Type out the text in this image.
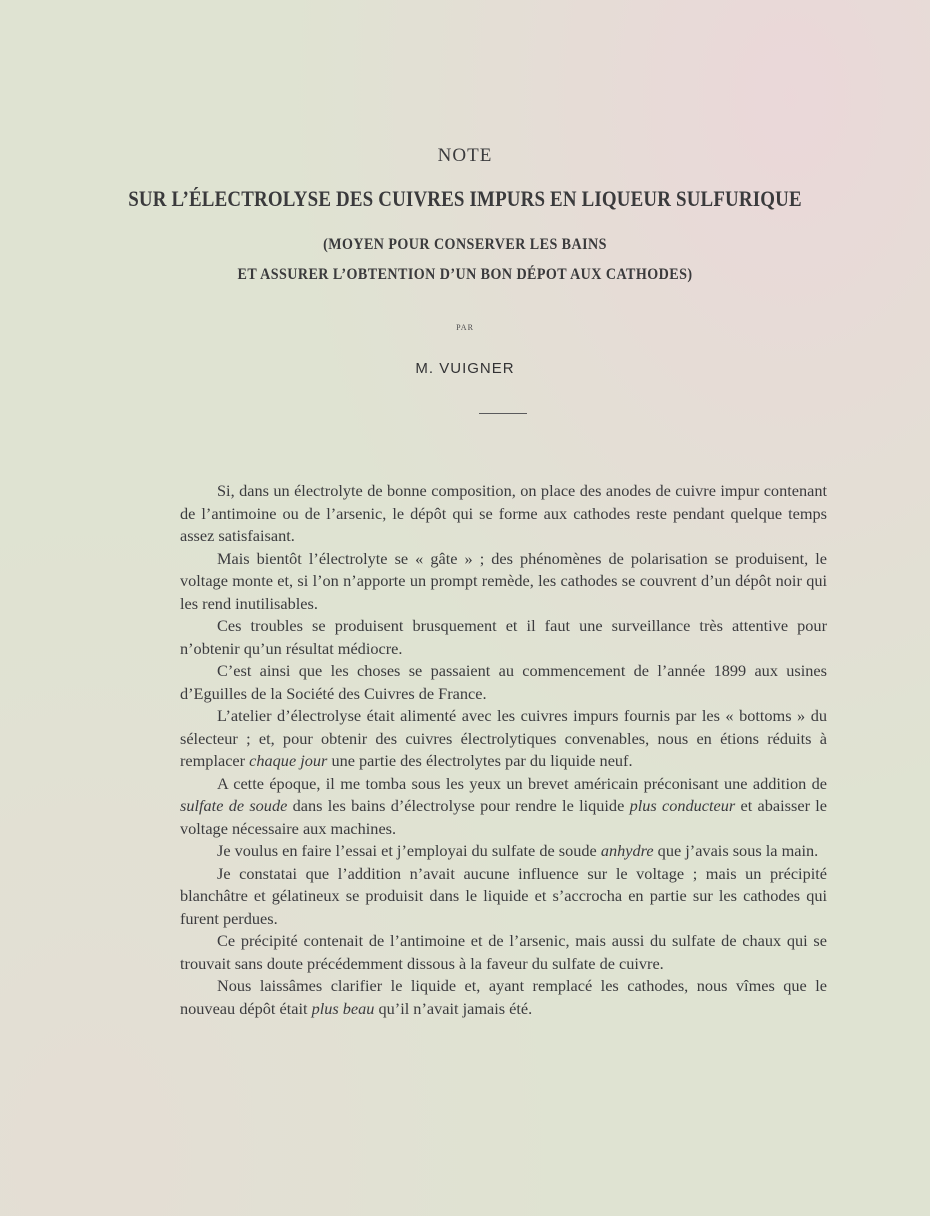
NOTE
SUR L’ÉLECTROLYSE DES CUIVRES IMPURS EN LIQUEUR SULFURIQUE
(MOYEN POUR CONSERVER LES BAINS
ET ASSURER L’OBTENTION D’UN BON DÉPOT AUX CATHODES)
PAR
M. VUIGNER

Si, dans un électrolyte de bonne composition, on place des anodes de cuivre impur contenant de l’antimoine ou de l’arsenic, le dépôt qui se forme aux cathodes reste pendant quelque temps assez satisfaisant.

Mais bientôt l’électrolyte se « gâte » ; des phénomènes de polarisation se produisent, le voltage monte et, si l’on n’apporte un prompt remède, les cathodes se couvrent d’un dépôt noir qui les rend inutilisables.

Ces troubles se produisent brusquement et il faut une surveillance très attentive pour n’obtenir qu’un résultat médiocre.

C’est ainsi que les choses se passaient au commencement de l’année 1899 aux usines d’Eguilles de la Société des Cuivres de France.

L’atelier d’électrolyse était alimenté avec les cuivres impurs fournis par les « bottoms » du sélecteur ; et, pour obtenir des cuivres électrolytiques convenables, nous en étions réduits à remplacer chaque jour une partie des électrolytes par du liquide neuf.

A cette époque, il me tomba sous les yeux un brevet américain préconisant une addition de sulfate de soude dans les bains d’électrolyse pour rendre le liquide plus conducteur et abaisser le voltage nécessaire aux machines.

Je voulus en faire l’essai et j’employai du sulfate de soude anhydre que j’avais sous la main.

Je constatai que l’addition n’avait aucune influence sur le voltage ; mais un précipité blanchâtre et gélatineux se produisit dans le liquide et s’accrocha en partie sur les cathodes qui furent perdues.

Ce précipité contenait de l’antimoine et de l’arsenic, mais aussi du sulfate de chaux qui se trouvait sans doute précédemment dissous à la faveur du sulfate de cuivre.

Nous laissâmes clarifier le liquide et, ayant remplacé les cathodes, nous vîmes que le nouveau dépôt était plus beau qu’il n’avait jamais été.
